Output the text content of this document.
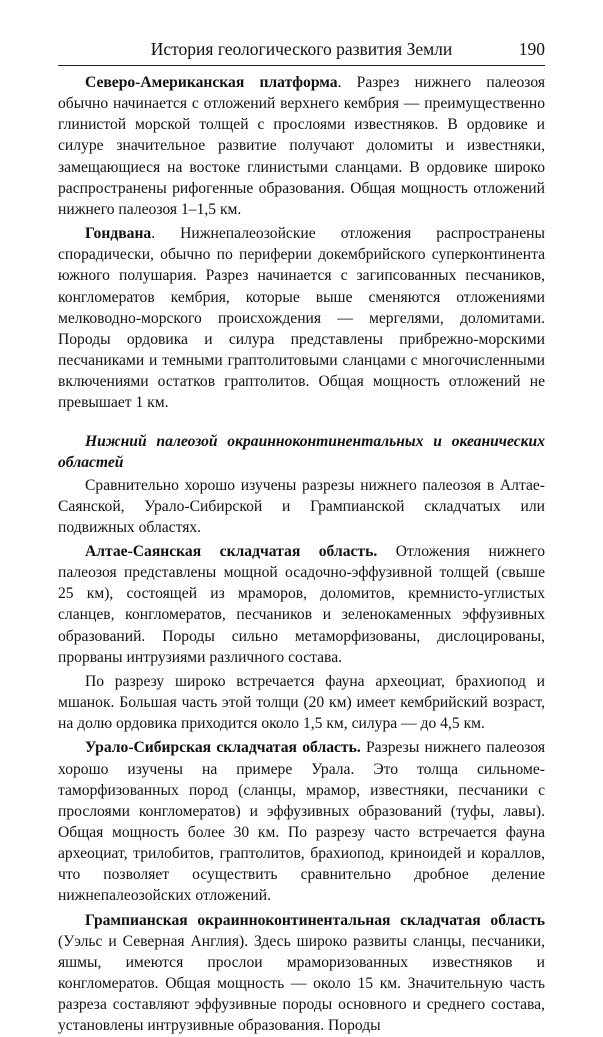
История геологического развития Земли	190

Северо-Американская платформа. Разрез нижнего палеозоя обычно начинается с отложений верхнего кембрия — преимущественно глинистой морской толщей с прослоями известняков. В ордовике и силуре значительное развитие получают доломиты и известняки, замещающиеся на востоке глинистыми сланцами. В ордовике широко распространены рифогенные образования. Общая мощность отложений нижнего палеозоя 1–1,5 км.

Гондвана. Нижнепалеозойские отложения распространены спорадически, обычно по периферии докембрийского суперконтинента южного полушария. Разрез начинается с загипсованных песчаников, конгломератов кембрия, которые выше сменяются отложениями мелководно-морского происхождения — мергелями, доломитами. Породы ордовика и силура представлены прибрежно-морскими песчаниками и темными граптолитовыми сланцами с многочисленными включениями остатков граптолитов. Общая мощность отложений не превышает 1 км.

Нижний палеозой окраинноконтинентальных и океанических областей

Сравнительно хорошо изучены разрезы нижнего палеозоя в Алтае-Саянской, Урало-Сибирской и Грампианской складчатых или подвижных областях.

Алтае-Саянская складчатая область. Отложения нижнего палеозоя представлены мощной осадочно-эффузивной толщей (свыше 25 км), состоящей из мраморов, доломитов, кремнисто-углистых сланцев, конгломератов, песчаников и зеленокаменных эффузивных образований. Породы сильно метаморфизованы, дислоцированы, прорваны интрузиями различного состава.

По разрезу широко встречается фауна археоциат, брахиопод и мшанок. Большая часть этой толщи (20 км) имеет кембрийский возраст, на долю ордовика приходится около 1,5 км, силура — до 4,5 км.

Урало-Сибирская складчатая область. Разрезы нижнего палеозоя хорошо изучены на примере Урала. Это толща сильнометаморфизованных пород (сланцы, мрамор, известняки, песчаники с прослоями конгломератов) и эффузивных образований (туфы, лавы). Общая мощность более 30 км. По разрезу часто встречается фауна археоциат, трилобитов, граптолитов, брахиопод, криноидей и кораллов, что позволяет осуществить сравнительно дробное деление нижнепалеозойских отложений.

Грампианская окраинноконтинентальная складчатая область (Уэльс и Северная Англия). Здесь широко развиты сланцы, песчаники, яшмы, имеются прослои мраморизованных известняков и конгломератов. Общая мощность — около 15 км. Значительную часть разреза составляют эффузивные породы основного и среднего состава, установлены интрузивные образования. Породы
